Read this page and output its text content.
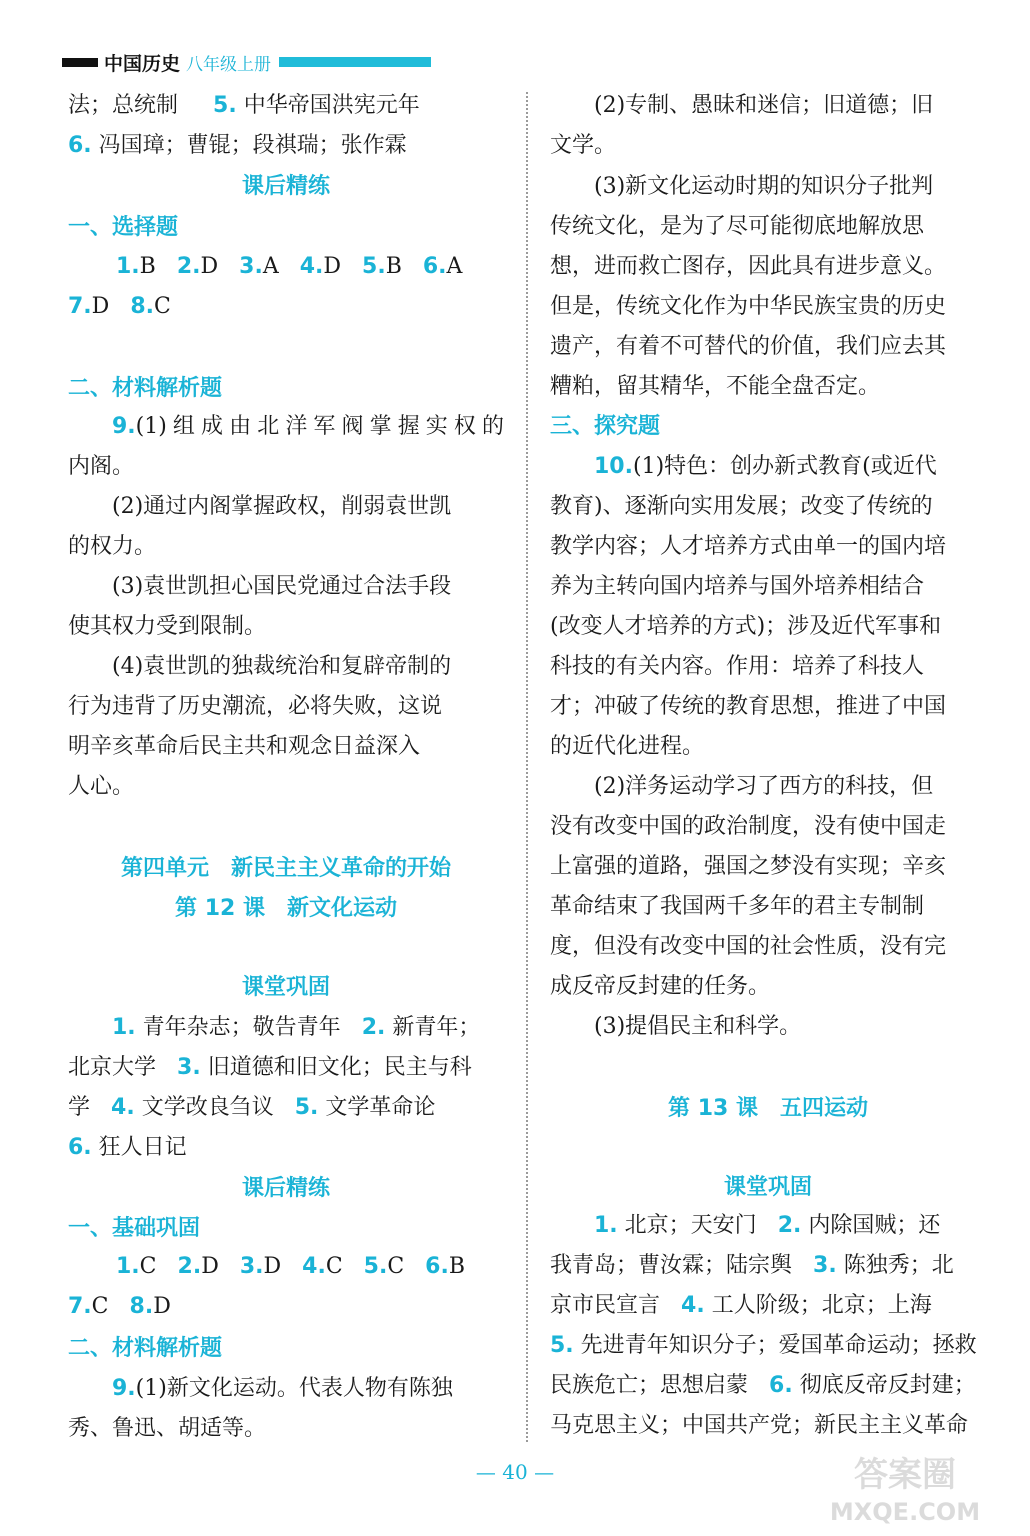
中国历史 八年级上册
法；总统制 5. 中华帝国洪宪元年
6. 冯国璋；曹锟；段祺瑞；张作霖
课后精练
一、选择题
1.B 2.D 3.A 4.D 5.B 6.A
7.D 8.C
二、材料解析题
9.(1)组成由北洋军阀掌握实权的
内阁。
(2)通过内阁掌握政权，削弱袁世凯
的权力。
(3)袁世凯担心国民党通过合法手段
使其权力受到限制。
(4)袁世凯的独裁统治和复辟帝制的
行为违背了历史潮流，必将失败，这说
明辛亥革命后民主共和观念日益深入
人心。
第四单元　新民主主义革命的开始
第 12 课　新文化运动
课堂巩固
1. 青年杂志；敬告青年 2. 新青年；
北京大学 3. 旧道德和旧文化；民主与科
学 4. 文学改良刍议 5. 文学革命论
6. 狂人日记
课后精练
一、基础巩固
1.C 2.D 3.D 4.C 5.C 6.B
7.C 8.D
二、材料解析题
9.(1)新文化运动。代表人物有陈独
秀、鲁迅、胡适等。
(2)专制、愚昧和迷信；旧道德；旧
文学。
(3)新文化运动时期的知识分子批判
传统文化，是为了尽可能彻底地解放思
想，进而救亡图存，因此具有进步意义。
但是，传统文化作为中华民族宝贵的历史
遗产，有着不可替代的价值，我们应去其
糟粕，留其精华，不能全盘否定。
三、探究题
10.(1)特色：创办新式教育(或近代
教育)、逐渐向实用发展；改变了传统的
教学内容；人才培养方式由单一的国内培
养为主转向国内培养与国外培养相结合
(改变人才培养的方式)；涉及近代军事和
科技的有关内容。作用：培养了科技人
才；冲破了传统的教育思想，推进了中国
的近代化进程。
(2)洋务运动学习了西方的科技，但
没有改变中国的政治制度，没有使中国走
上富强的道路，强国之梦没有实现；辛亥
革命结束了我国两千多年的君主专制制
度，但没有改变中国的社会性质，没有完
成反帝反封建的任务。
(3)提倡民主和科学。
第 13 课　五四运动
课堂巩固
1. 北京；天安门 2. 内除国贼；还
我青岛；曹汝霖；陆宗舆 3. 陈独秀；北
京市民宣言 4. 工人阶级；北京；上海
5. 先进青年知识分子；爱国革命运动；拯救
民族危亡；思想启蒙 6. 彻底反帝反封建；
马克思主义；中国共产党；新民主主义革命
— 40 —	答案圈
MXQE.COM
